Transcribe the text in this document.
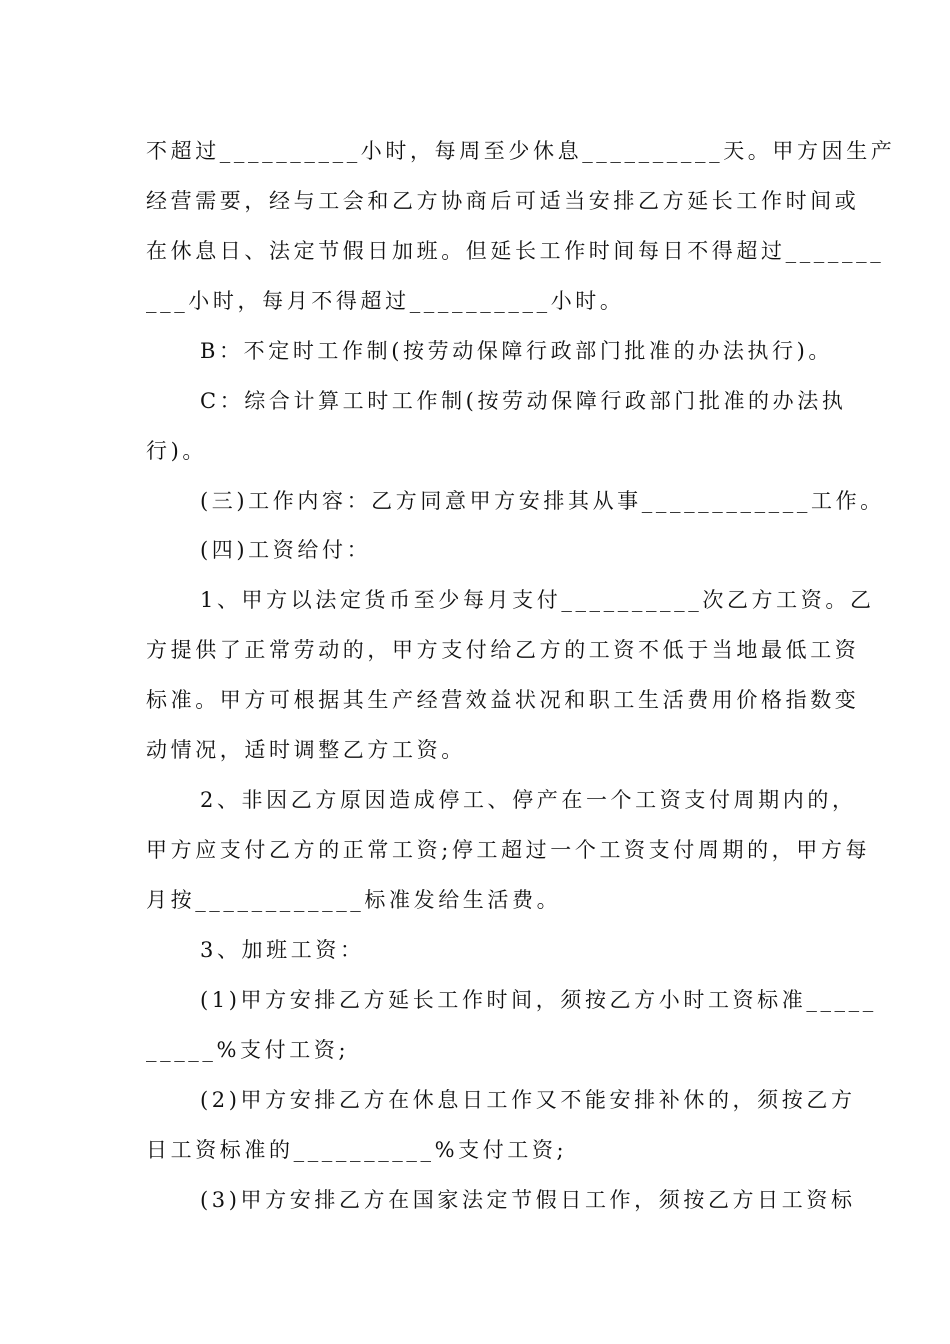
不超过__________小时，每周至少休息__________天。甲方因生产
经营需要，经与工会和乙方协商后可适当安排乙方延长工作时间或
在休息日、法定节假日加班。但延长工作时间每日不得超过_______
___小时，每月不得超过__________小时。
B：不定时工作制(按劳动保障行政部门批准的办法执行)。
C：综合计算工时工作制(按劳动保障行政部门批准的办法执
行)。
(三)工作内容：乙方同意甲方安排其从事____________工作。
(四)工资给付：
1、甲方以法定货币至少每月支付__________次乙方工资。乙
方提供了正常劳动的，甲方支付给乙方的工资不低于当地最低工资
标准。甲方可根据其生产经营效益状况和职工生活费用价格指数变
动情况，适时调整乙方工资。
2、非因乙方原因造成停工、停产在一个工资支付周期内的，
甲方应支付乙方的正常工资;停工超过一个工资支付周期的，甲方每
月按____________标准发给生活费。
3、加班工资：
(1)甲方安排乙方延长工作时间，须按乙方小时工资标准_____
_____%支付工资;
(2)甲方安排乙方在休息日工作又不能安排补休的，须按乙方
日工资标准的__________%支付工资;
(3)甲方安排乙方在国家法定节假日工作，须按乙方日工资标
